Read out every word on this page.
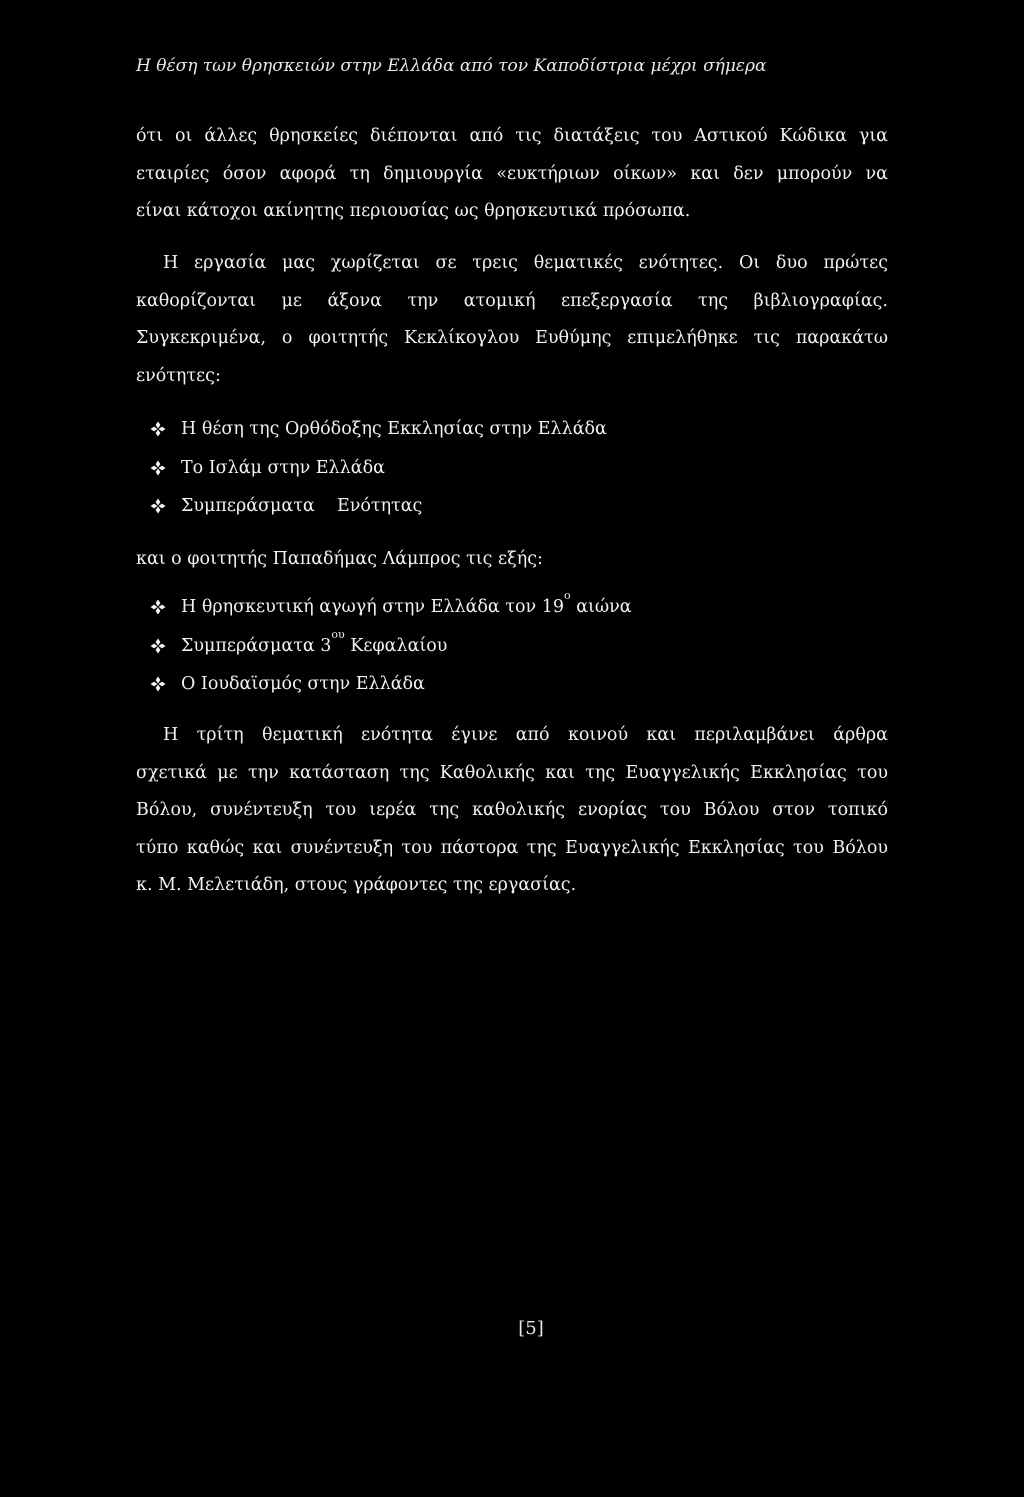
Η θέση των θρησκειών στην Ελλάδα από τον Καποδίστρια μέχρι σήμερα
ότι οι άλλες θρησκείες διέπονται από τις διατάξεις του Αστικού Κώδικα για
εταιρίες όσον αφορά τη δημιουργία «ευκτήριων οίκων» και δεν μπορούν να
είναι κάτοχοι ακίνητης περιουσίας ως θρησκευτικά πρόσωπα.
Η εργασία μας χωρίζεται σε τρεις θεματικές ενότητες. Οι δυο πρώτες
καθορίζονται με άξονα την ατομική επεξεργασία της βιβλιογραφίας.
Συγκεκριμένα, ο φοιτητής Κεκλίκογλου Ευθύμης επιμελήθηκε τις παρακάτω
ενότητες:
Η θέση της Ορθόδοξης Εκκλησίας στην Ελλάδα
Το Ισλάμ στην Ελλάδα
Συμπεράσματα    Ενότητας
και ο φοιτητής Παπαδήμας Λάμπρος τις εξής:
Η θρησκευτική αγωγή στην Ελλάδα τον $19^o$ αιώνα
Συμπεράσματα $3^{o\upsilon}$ Κεφαλαίου
Ο Ιουδαϊσμός στην Ελλάδα
Η τρίτη θεματική ενότητα έγινε από κοινού και περιλαμβάνει άρθρα
σχετικά με την κατάσταση της Καθολικής και της Ευαγγελικής Εκκλησίας του
Βόλου, συνέντευξη του ιερέα της καθολικής ενορίας του Βόλου στον τοπικό
τύπο καθώς και συνέντευξη του πάστορα της Ευαγγελικής Εκκλησίας του Βόλου
κ. Μ. Μελετιάδη, στους γράφοντες της εργασίας.
[5]
